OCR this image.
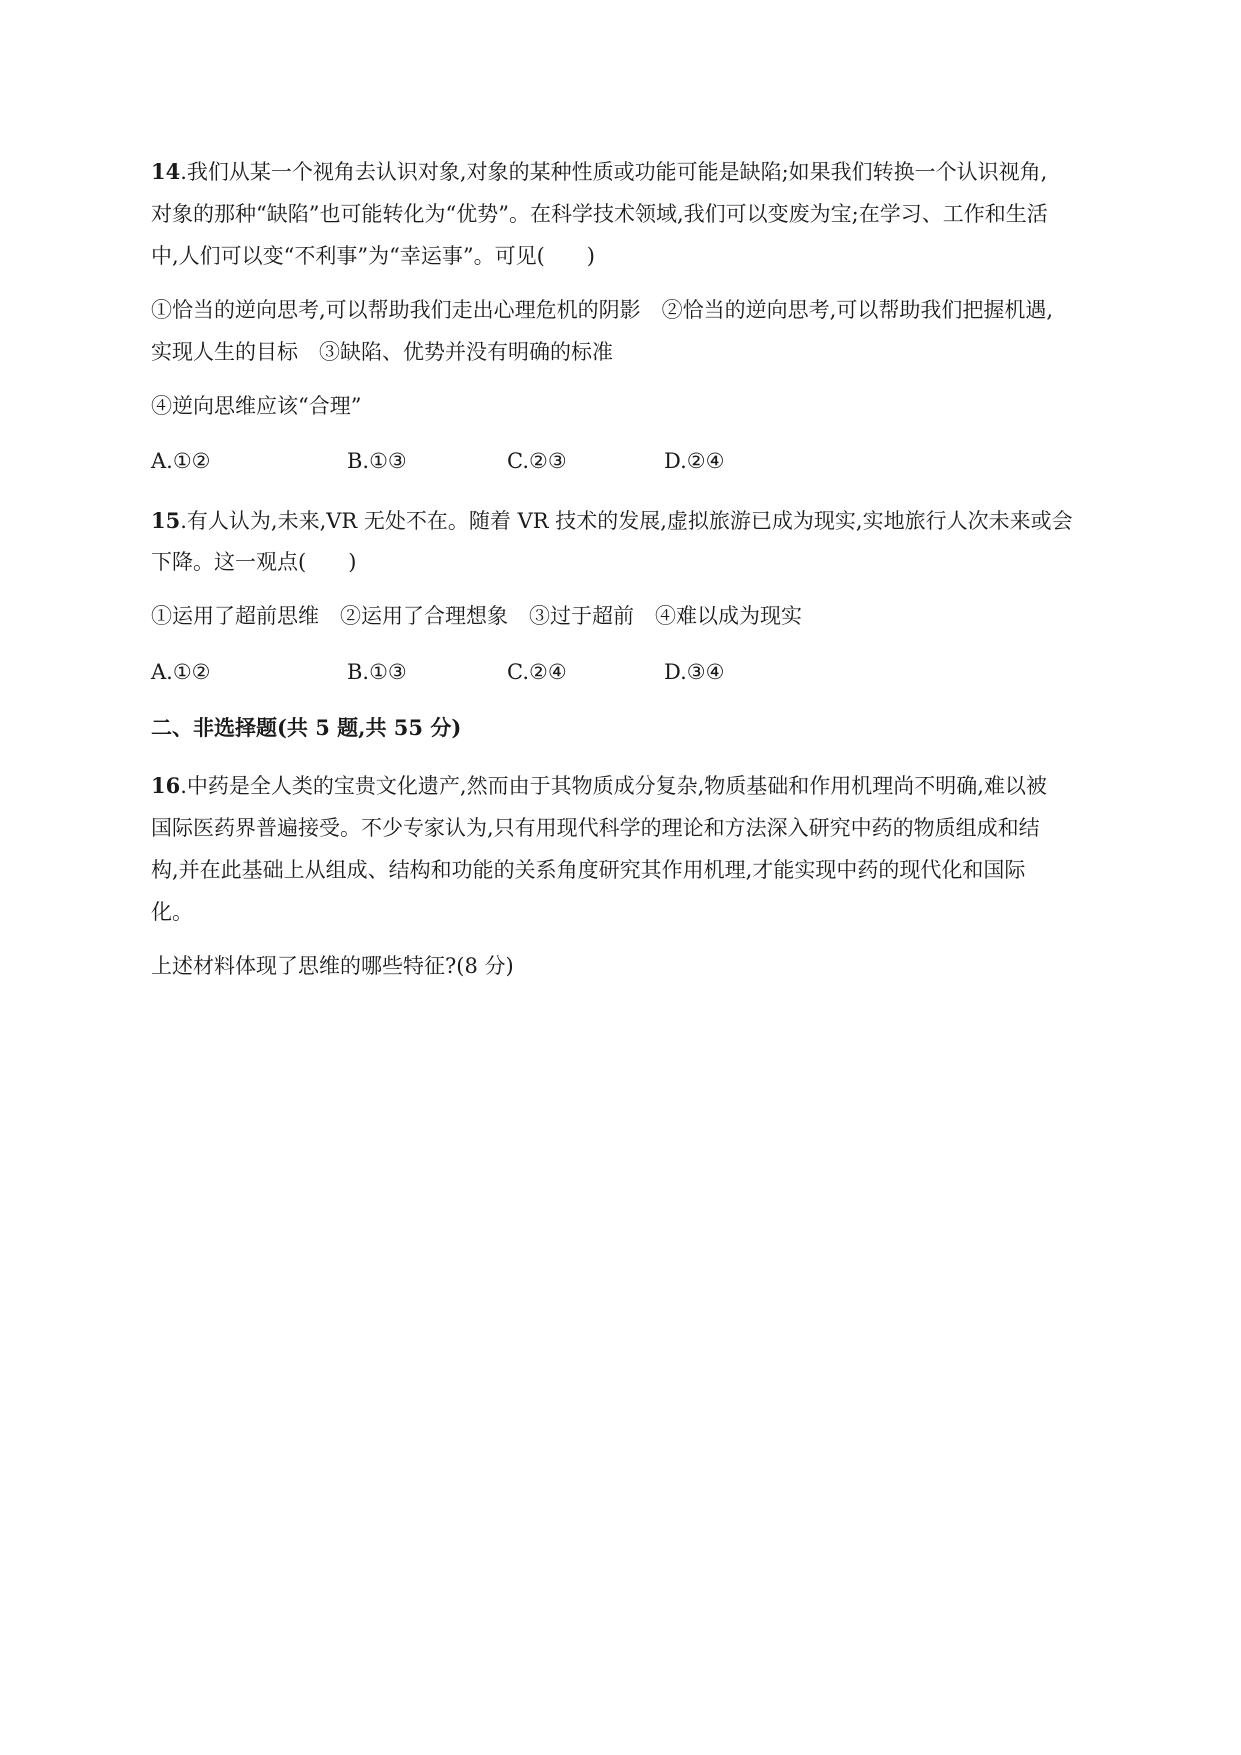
14.我们从某一个视角去认识对象,对象的某种性质或功能可能是缺陷;如果我们转换一个认识视角,
对象的那种“缺陷”也可能转化为“优势”。在科学技术领域,我们可以变废为宝;在学习、工作和生活
中,人们可以变“不利事”为“幸运事”。可见(　　)
①恰当的逆向思考,可以帮助我们走出心理危机的阴影　②恰当的逆向思考,可以帮助我们把握机遇,
实现人生的目标　③缺陷、优势并没有明确的标准
④逆向思维应该“合理”
A.①②	B.①③	C.②③	D.②④
15.有人认为,未来,VR 无处不在。随着 VR 技术的发展,虚拟旅游已成为现实,实地旅行人次未来或会
下降。这一观点(　　)
①运用了超前思维　②运用了合理想象　③过于超前　④难以成为现实
A.①②	B.①③	C.②④	D.③④
二、非选择题(共 5 题,共 55 分)
16.中药是全人类的宝贵文化遗产,然而由于其物质成分复杂,物质基础和作用机理尚不明确,难以被
国际医药界普遍接受。不少专家认为,只有用现代科学的理论和方法深入研究中药的物质组成和结
构,并在此基础上从组成、结构和功能的关系角度研究其作用机理,才能实现中药的现代化和国际
化。
上述材料体现了思维的哪些特征?(8 分)
